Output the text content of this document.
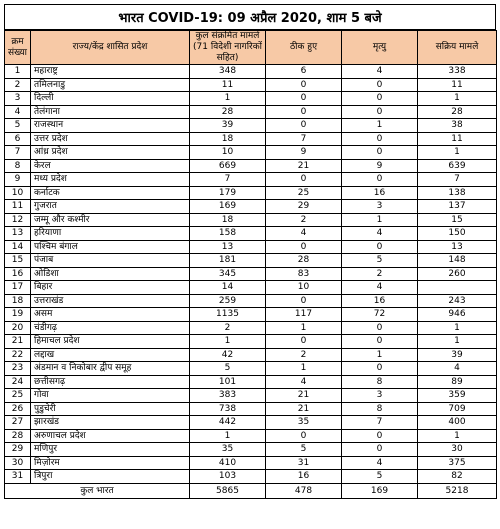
भारत COVID-19: 09 अप्रैल 2020, शाम 5 बजे
क्रम संख्या	राज्य/केंद्र शासित प्रदेश	कुल संक्रमित मामले (71 विदेशी नागरिकों सहित)	ठीक हुए	मृत्यु	सक्रिय मामले
1	महाराष्ट्र	348	6	4	338
2	तमिलनाडु	11	0	0	11
3	दिल्ली	1	0	0	1
4	तेलंगाना	28	0	0	28
5	राजस्थान	39	0	1	38
6	उत्तर प्रदेश	18	7	0	11
7	आंध्र प्रदेश	10	9	0	1
8	केरल	669	21	9	639
9	मध्य प्रदेश	7	0	0	7
10	कर्नाटक	179	25	16	138
11	गुजरात	169	29	3	137
12	जम्मू और कश्मीर	18	2	1	15
13	हरियाणा	158	4	4	150
14	पश्चिम बंगाल	13	0	0	13
15	पंजाब	181	28	5	148
16	ओडिशा	345	83	2	260
17	बिहार	14	10	4	
18	उत्तराखंड	259	0	16	243
19	असम	1135	117	72	946
20	चंडीगढ़	2	1	0	1
21	हिमाचल प्रदेश	1	0	0	1
22	लद्दाख	42	2	1	39
23	अंडमान व निकोबार द्वीप समूह	5	1	0	4
24	छत्तीसगढ़	101	4	8	89
25	गोवा	383	21	3	359
26	पुडुचेरी	738	21	8	709
27	झारखंड	442	35	7	400
28	अरुणाचल प्रदेश	1	0	0	1
29	मणिपुर	35	5	0	30
30	मिज़ोरम	410	31	4	375
31	त्रिपुरा	103	16	5	82
कुल भारत		5865	478	169	5218
